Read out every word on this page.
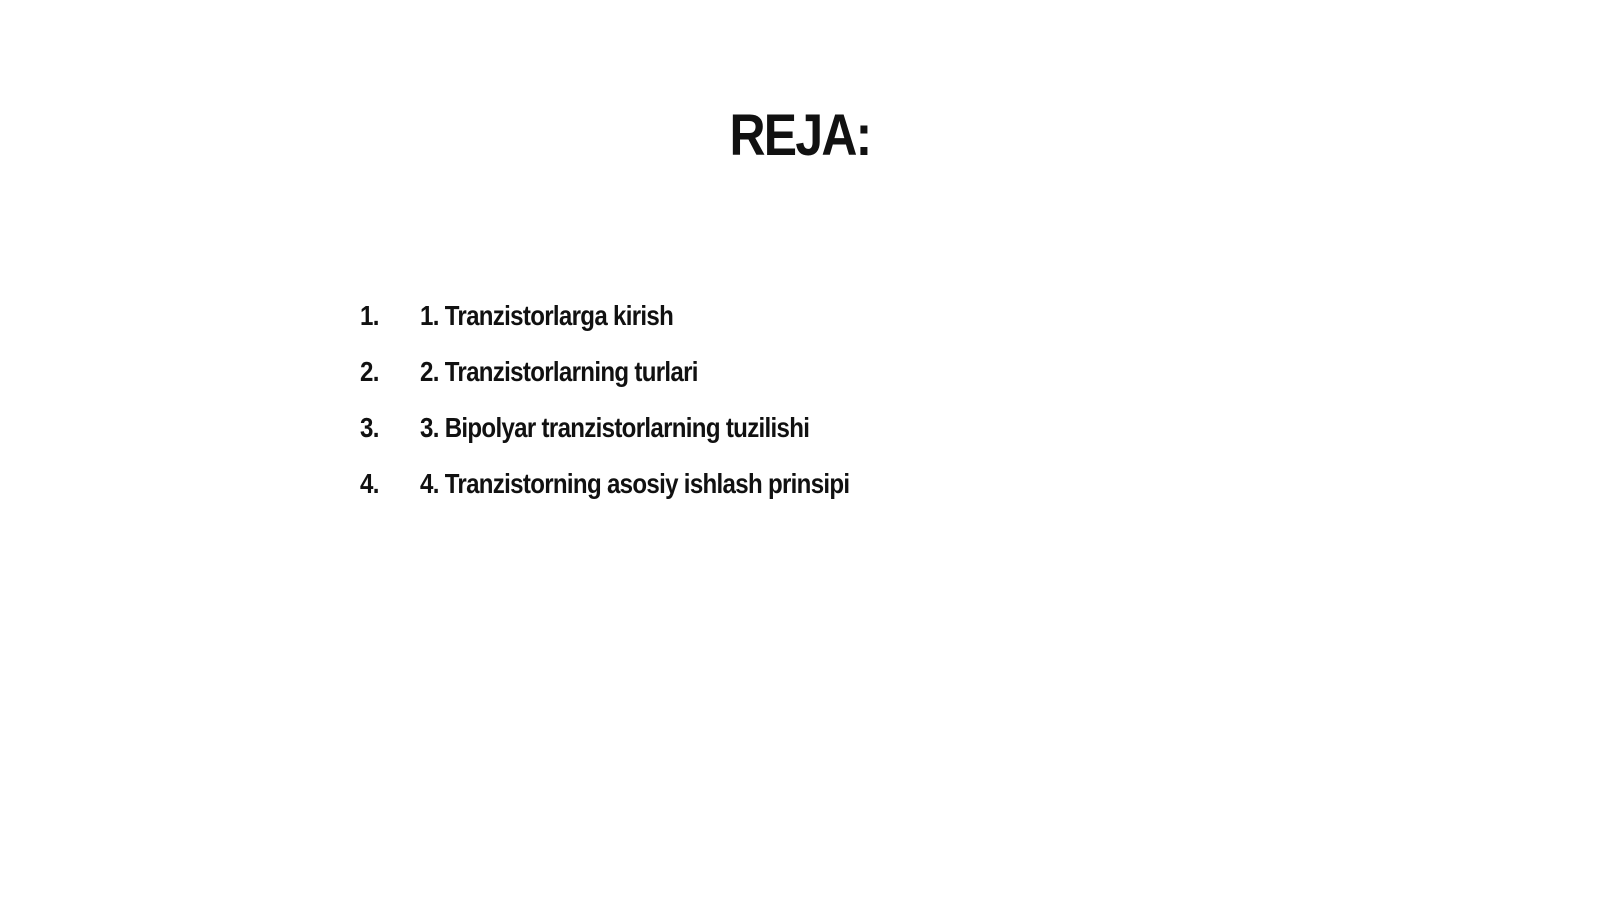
REJA:
1.	1. Tranzistorlarga kirish
2.	2. Tranzistorlarning turlari
3.	3. Bipolyar tranzistorlarning tuzilishi
4.	4. Tranzistorning asosiy ishlash prinsipi
